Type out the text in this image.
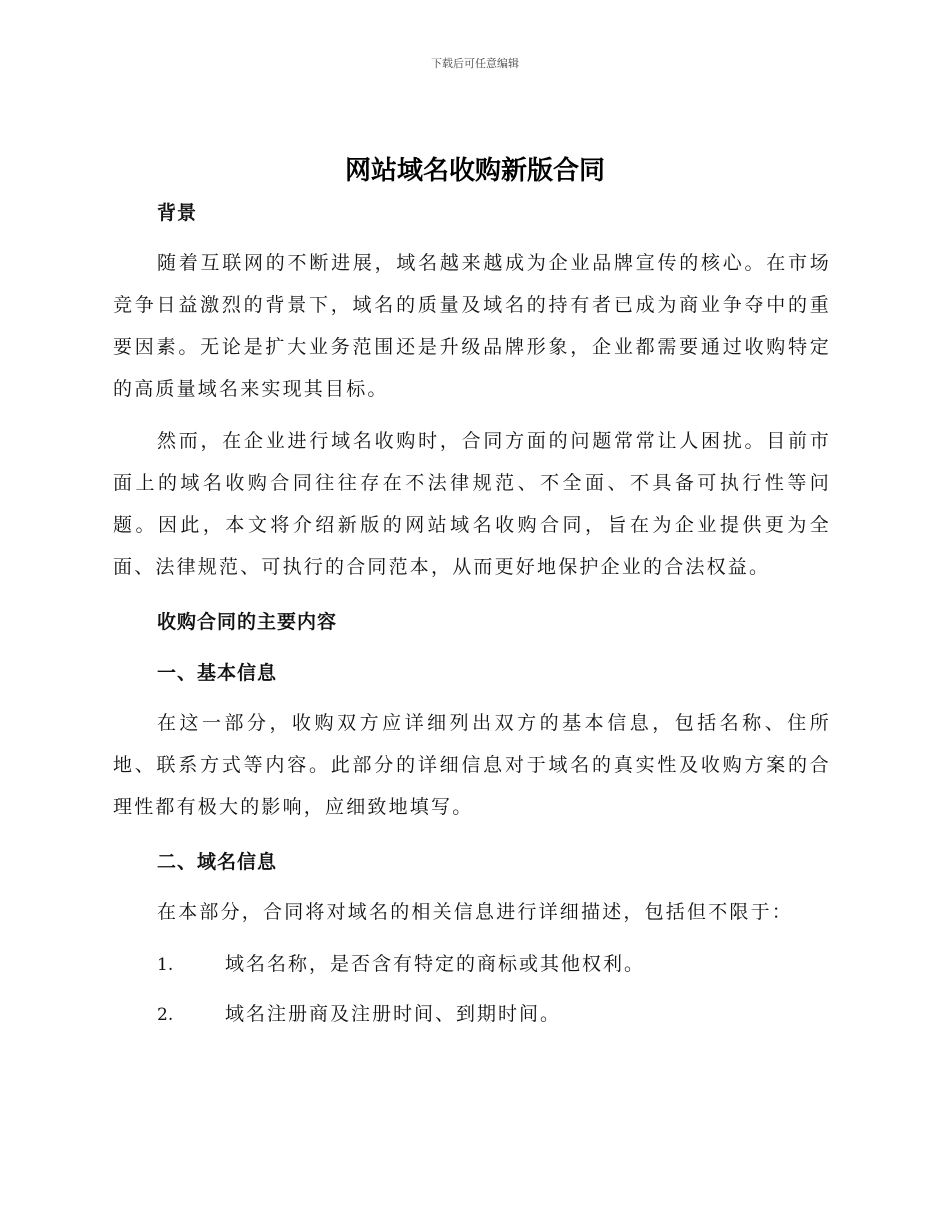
下载后可任意编辑
网站域名收购新版合同
背景

随着互联网的不断进展，域名越来越成为企业品牌宣传的核心。在市场竞争日益激烈的背景下，域名的质量及域名的持有者已成为商业争夺中的重要因素。无论是扩大业务范围还是升级品牌形象，企业都需要通过收购特定的高质量域名来实现其目标。

然而，在企业进行域名收购时，合同方面的问题常常让人困扰。目前市面上的域名收购合同往往存在不法律规范、不全面、不具备可执行性等问题。因此，本文将介绍新版的网站域名收购合同，旨在为企业提供更为全面、法律规范、可执行的合同范本，从而更好地保护企业的合法权益。

收购合同的主要内容
一、基本信息

在这一部分，收购双方应详细列出双方的基本信息，包括名称、住所地、联系方式等内容。此部分的详细信息对于域名的真实性及收购方案的合理性都有极大的影响，应细致地填写。

二、域名信息

在本部分，合同将对域名的相关信息进行详细描述，包括但不限于：

1.	域名名称，是否含有特定的商标或其他权利。
2.	域名注册商及注册时间、到期时间。
